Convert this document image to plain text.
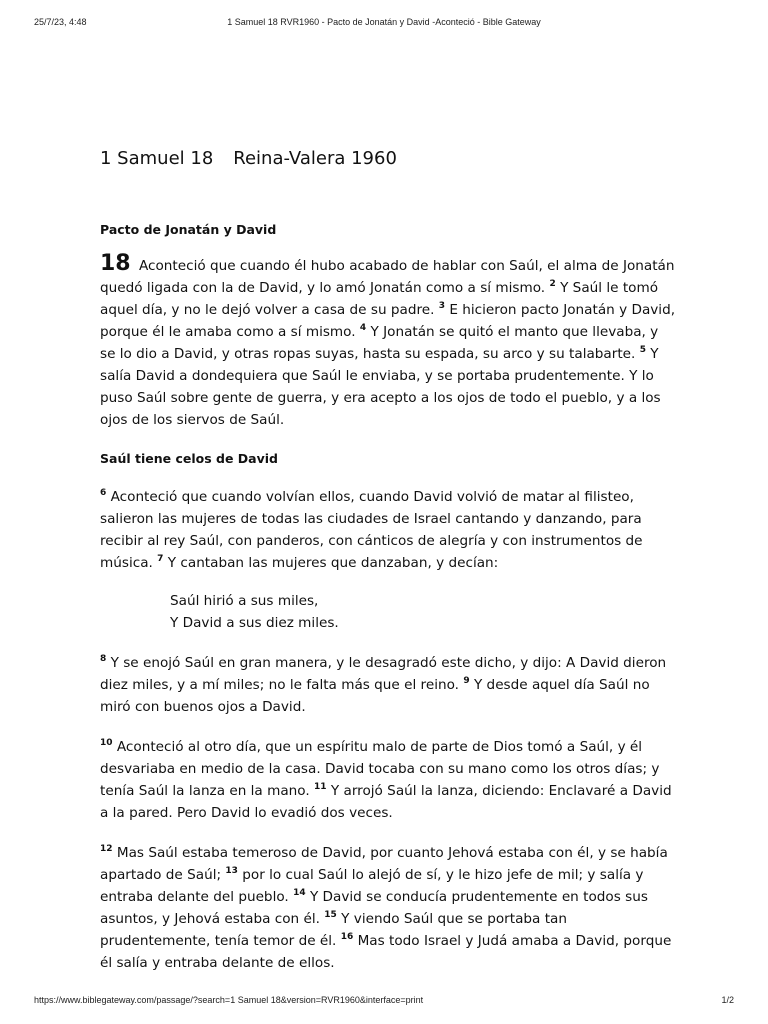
25/7/23, 4:48	1 Samuel 18 RVR1960 - Pacto de Jonatán y David -Aconteció - Bible Gateway
1 Samuel 18 Reina-Valera 1960
Pacto de Jonatán y David

18 Aconteció que cuando él hubo acabado de hablar con Saúl, el alma de Jonatán quedó ligada con la de David, y lo amó Jonatán como a sí mismo. $^2$ Y Saúl le tomó aquel día, y no le dejó volver a casa de su padre. $^3$ E hicieron pacto Jonatán y David, porque él le amaba como a sí mismo. $^4$ Y Jonatán se quitó el manto que llevaba, y se lo dio a David, y otras ropas suyas, hasta su espada, su arco y su talabarte. $^5$ Y salía David a dondequiera que Saúl le enviaba, y se portaba prudentemente. Y lo puso Saúl sobre gente de guerra, y era acepto a los ojos de todo el pueblo, y a los ojos de los siervos de Saúl.

Saúl tiene celos de David

$^6$ Aconteció que cuando volvían ellos, cuando David volvió de matar al filisteo, salieron las mujeres de todas las ciudades de Israel cantando y danzando, para recibir al rey Saúl, con panderos, con cánticos de alegría y con instrumentos de música. $^7$ Y cantaban las mujeres que danzaban, y decían:

Saúl hirió a sus miles,
Y David a sus diez miles.

$^8$ Y se enojó Saúl en gran manera, y le desagradó este dicho, y dijo: A David dieron diez miles, y a mí miles; no le falta más que el reino. $^9$ Y desde aquel día Saúl no miró con buenos ojos a David.

$^{10}$ Aconteció al otro día, que un espíritu malo de parte de Dios tomó a Saúl, y él desvariaba en medio de la casa. David tocaba con su mano como los otros días; y tenía Saúl la lanza en la mano. $^{11}$ Y arrojó Saúl la lanza, diciendo: Enclavaré a David a la pared. Pero David lo evadió dos veces.

$^{12}$ Mas Saúl estaba temeroso de David, por cuanto Jehová estaba con él, y se había apartado de Saúl; $^{13}$ por lo cual Saúl lo alejó de sí, y le hizo jefe de mil; y salía y entraba delante del pueblo. $^{14}$ Y David se conducía prudentemente en todos sus asuntos, y Jehová estaba con él. $^{15}$ Y viendo Saúl que se portaba tan prudentemente, tenía temor de él. $^{16}$ Mas todo Israel y Judá amaba a David, porque él salía y entraba delante de ellos.

https://www.biblegateway.com/passage/?search=1 Samuel 18&version=RVR1960&interface=print	1/2
